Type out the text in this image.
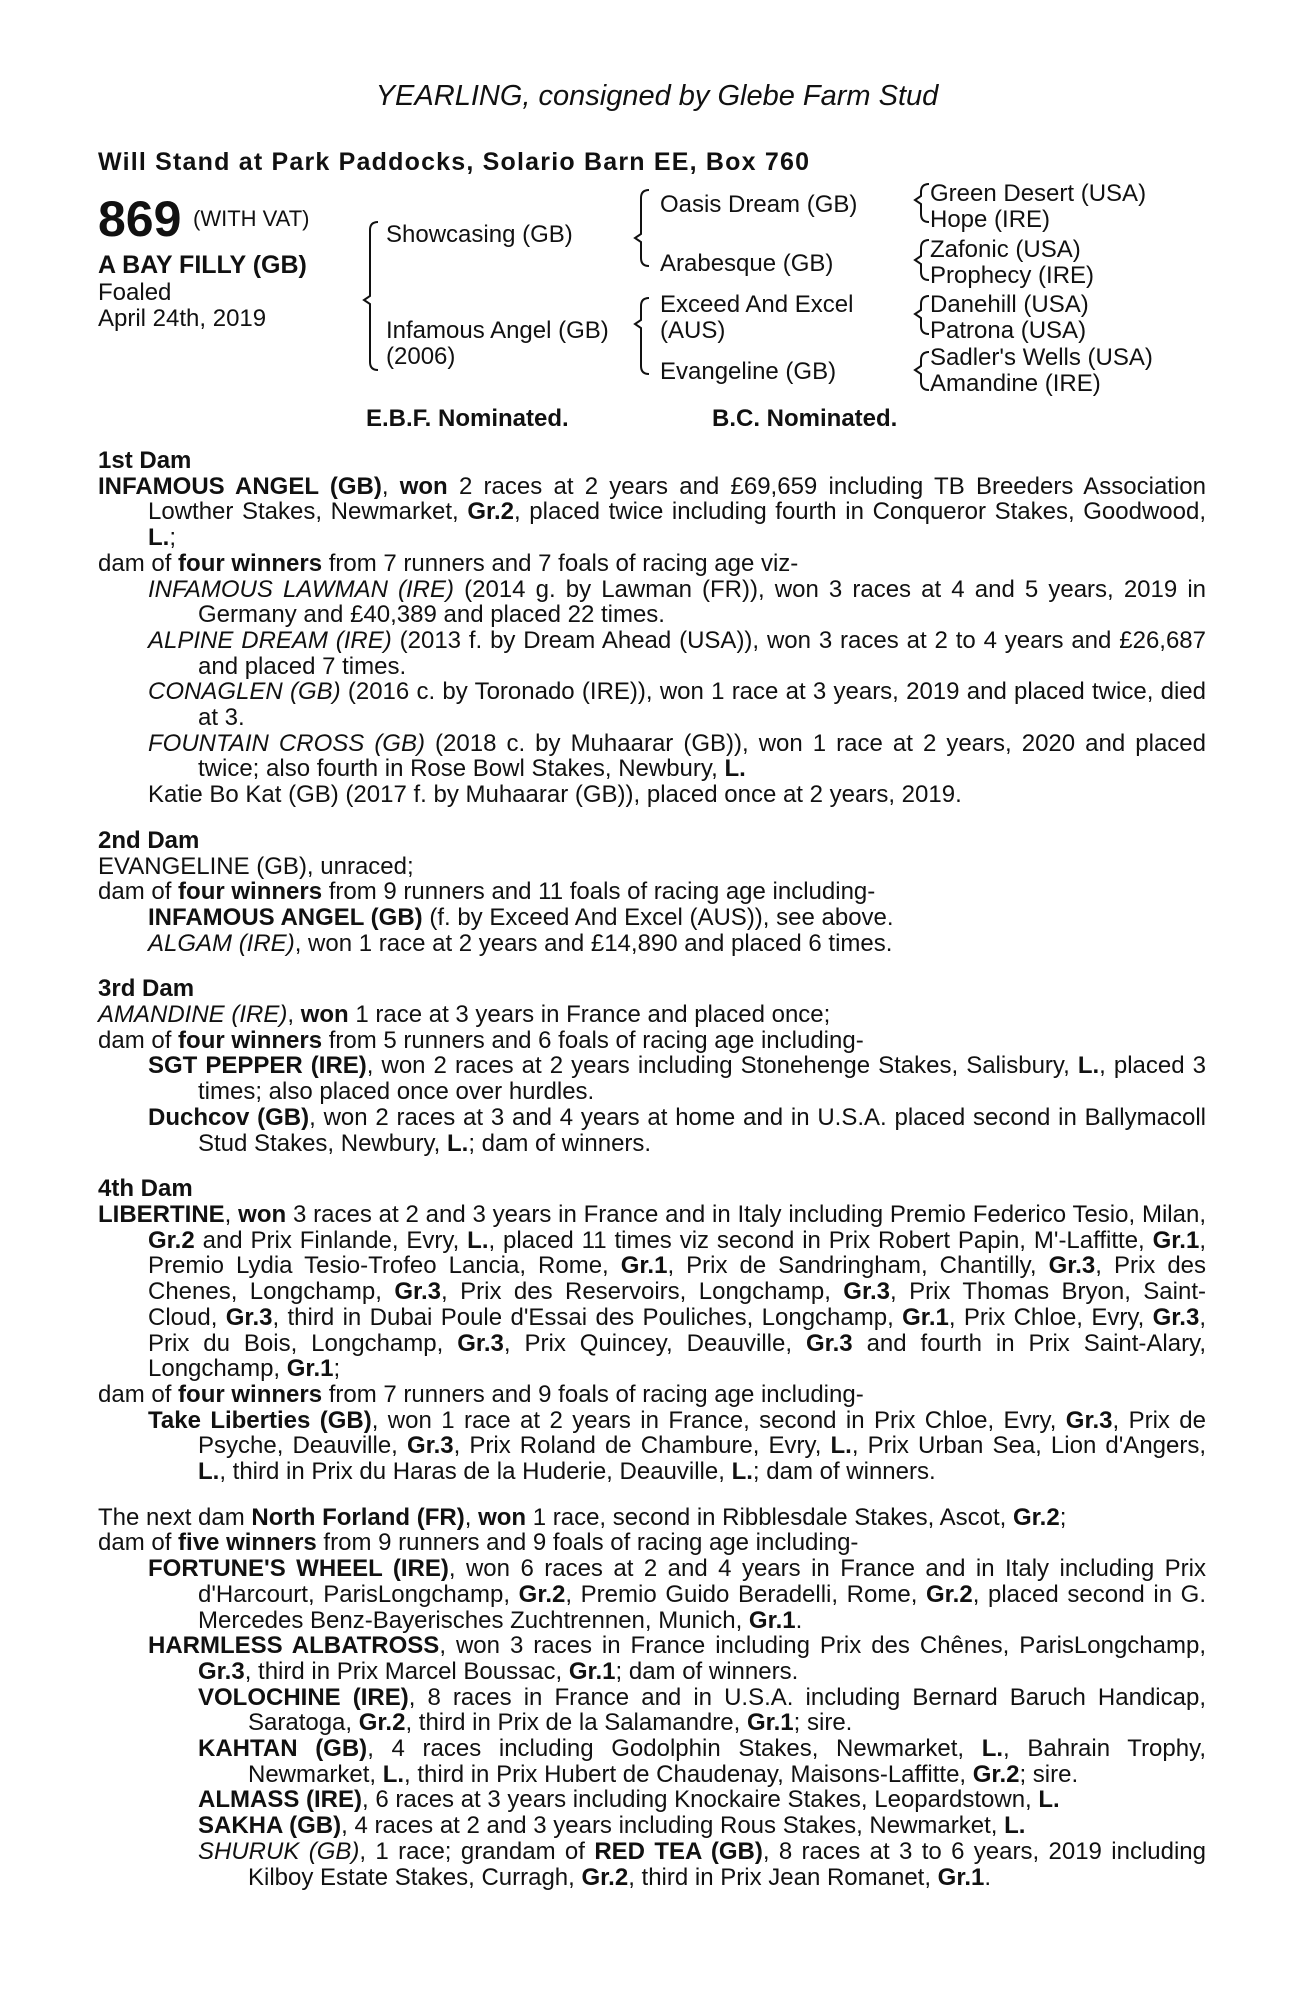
YEARLING, consigned by Glebe Farm Stud
Will Stand at Park Paddocks, Solario Barn EE, Box 760
869 (WITH VAT)
A BAY FILLY (GB)
Foaled
April 24th, 2019
Showcasing (GB)
Infamous Angel (GB)
(2006)
Oasis Dream (GB)
Arabesque (GB)
Exceed And Excel
(AUS)
Evangeline (GB)
Green Desert (USA)
Hope (IRE)
Zafonic (USA)
Prophecy (IRE)
Danehill (USA)
Patrona (USA)
Sadler's Wells (USA)
Amandine (IRE)
E.B.F. Nominated.	B.C. Nominated.
1st Dam
INFAMOUS ANGEL (GB), won 2 races at 2 years and £69,659 including TB Breeders Association Lowther Stakes, Newmarket, Gr.2, placed twice including fourth in Conqueror Stakes, Goodwood, L.;
dam of four winners from 7 runners and 7 foals of racing age viz-
INFAMOUS LAWMAN (IRE) (2014 g. by Lawman (FR)), won 3 races at 4 and 5 years, 2019 in Germany and £40,389 and placed 22 times.
ALPINE DREAM (IRE) (2013 f. by Dream Ahead (USA)), won 3 races at 2 to 4 years and £26,687 and placed 7 times.
CONAGLEN (GB) (2016 c. by Toronado (IRE)), won 1 race at 3 years, 2019 and placed twice, died at 3.
FOUNTAIN CROSS (GB) (2018 c. by Muhaarar (GB)), won 1 race at 2 years, 2020 and placed twice; also fourth in Rose Bowl Stakes, Newbury, L.
Katie Bo Kat (GB) (2017 f. by Muhaarar (GB)), placed once at 2 years, 2019.
2nd Dam
EVANGELINE (GB), unraced;
dam of four winners from 9 runners and 11 foals of racing age including-
INFAMOUS ANGEL (GB) (f. by Exceed And Excel (AUS)), see above.
ALGAM (IRE), won 1 race at 2 years and £14,890 and placed 6 times.
3rd Dam
AMANDINE (IRE), won 1 race at 3 years in France and placed once;
dam of four winners from 5 runners and 6 foals of racing age including-
SGT PEPPER (IRE), won 2 races at 2 years including Stonehenge Stakes, Salisbury, L., placed 3 times; also placed once over hurdles.
Duchcov (GB), won 2 races at 3 and 4 years at home and in U.S.A. placed second in Ballymacoll Stud Stakes, Newbury, L.; dam of winners.
4th Dam
LIBERTINE, won 3 races at 2 and 3 years in France and in Italy including Premio Federico Tesio, Milan, Gr.2 and Prix Finlande, Evry, L., placed 11 times viz second in Prix Robert Papin, M'-Laffitte, Gr.1, Premio Lydia Tesio-Trofeo Lancia, Rome, Gr.1, Prix de Sandringham, Chantilly, Gr.3, Prix des Chenes, Longchamp, Gr.3, Prix des Reservoirs, Longchamp, Gr.3, Prix Thomas Bryon, Saint-Cloud, Gr.3, third in Dubai Poule d'Essai des Pouliches, Longchamp, Gr.1, Prix Chloe, Evry, Gr.3, Prix du Bois, Longchamp, Gr.3, Prix Quincey, Deauville, Gr.3 and fourth in Prix Saint-Alary, Longchamp, Gr.1;
dam of four winners from 7 runners and 9 foals of racing age including-
Take Liberties (GB), won 1 race at 2 years in France, second in Prix Chloe, Evry, Gr.3, Prix de Psyche, Deauville, Gr.3, Prix Roland de Chambure, Evry, L., Prix Urban Sea, Lion d'Angers, L., third in Prix du Haras de la Huderie, Deauville, L.; dam of winners.
The next dam North Forland (FR), won 1 race, second in Ribblesdale Stakes, Ascot, Gr.2;
dam of five winners from 9 runners and 9 foals of racing age including-
FORTUNE'S WHEEL (IRE), won 6 races at 2 and 4 years in France and in Italy including Prix d'Harcourt, ParisLongchamp, Gr.2, Premio Guido Beradelli, Rome, Gr.2, placed second in G. Mercedes Benz-Bayerisches Zuchtrennen, Munich, Gr.1.
HARMLESS ALBATROSS, won 3 races in France including Prix des Chênes, ParisLongchamp, Gr.3, third in Prix Marcel Boussac, Gr.1; dam of winners.
VOLOCHINE (IRE), 8 races in France and in U.S.A. including Bernard Baruch Handicap, Saratoga, Gr.2, third in Prix de la Salamandre, Gr.1; sire.
KAHTAN (GB), 4 races including Godolphin Stakes, Newmarket, L., Bahrain Trophy, Newmarket, L., third in Prix Hubert de Chaudenay, Maisons-Laffitte, Gr.2; sire.
ALMASS (IRE), 6 races at 3 years including Knockaire Stakes, Leopardstown, L.
SAKHA (GB), 4 races at 2 and 3 years including Rous Stakes, Newmarket, L.
SHURUK (GB), 1 race; grandam of RED TEA (GB), 8 races at 3 to 6 years, 2019 including Kilboy Estate Stakes, Curragh, Gr.2, third in Prix Jean Romanet, Gr.1.
